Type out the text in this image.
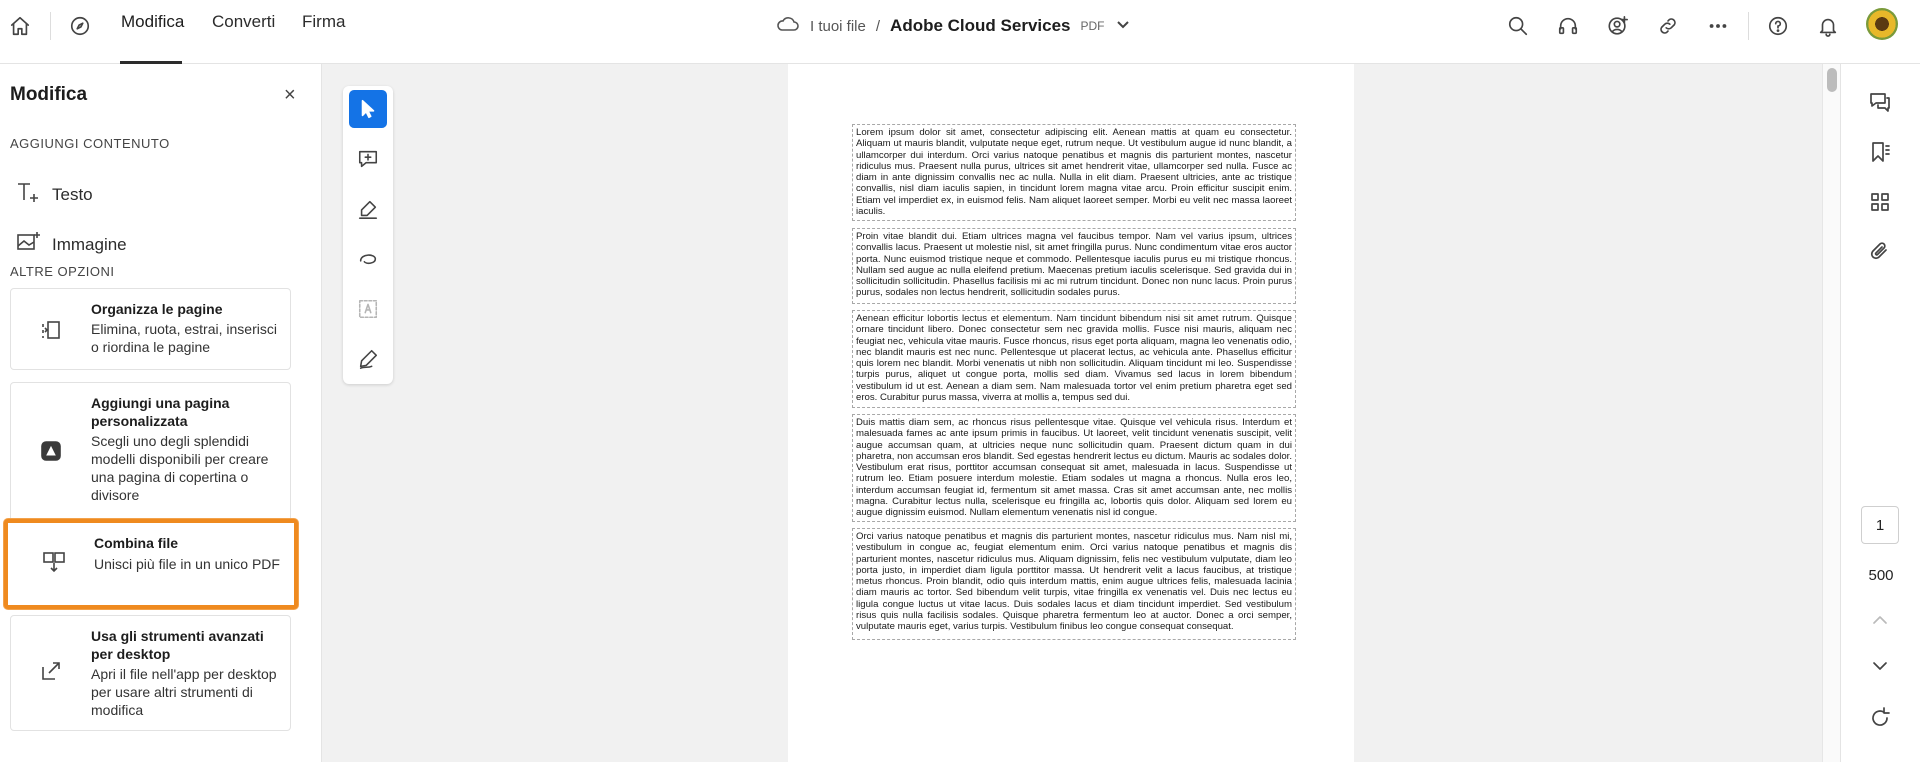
Modifica Converti Firma	I tuoi file / Adobe Cloud Services PDF
Modifica	×
AGGIUNGI CONTENUTO
Testo
Immagine
ALTRE OPZIONI
Organizza le pagine
Elimina, ruota, estrai, inserisci o riordina le pagine
Aggiungi una pagina personalizzata
Scegli uno degli splendidi modelli disponibili per creare una pagina di copertina o divisore
Combina file
Unisci più file in un unico PDF
Usa gli strumenti avanzati per desktop
Apri il file nell'app per desktop per usare altri strumenti di modifica
Lorem ipsum dolor sit amet, consectetur adipiscing elit. Aenean mattis at quam eu consectetur. Aliquam ut mauris blandit, vulputate neque eget, rutrum neque. Ut vestibulum augue id nunc blandit, a ullamcorper dui interdum. Orci varius natoque penatibus et magnis dis parturient montes, nascetur ridiculus mus. Praesent nulla purus, ultrices sit amet hendrerit vitae, ullamcorper sed nulla. Fusce ac diam in ante dignissim convallis nec ac nulla. Nulla in elit diam. Praesent ultricies, ante ac tristique convallis, nisl diam iaculis sapien, in tincidunt lorem magna vitae arcu. Proin efficitur suscipit enim. Etiam vel imperdiet ex, in euismod felis. Nam aliquet laoreet semper. Morbi eu velit nec massa laoreet iaculis.
Proin vitae blandit dui. Etiam ultrices magna vel faucibus tempor. Nam vel varius ipsum, ultrices convallis lacus. Praesent ut molestie nisl, sit amet fringilla purus. Nunc condimentum vitae eros auctor porta. Nunc euismod tristique neque et commodo. Pellentesque iaculis purus eu mi tristique rhoncus. Nullam sed augue ac nulla eleifend pretium. Maecenas pretium iaculis scelerisque. Sed gravida dui in sollicitudin sollicitudin. Phasellus facilisis mi ac mi rutrum tincidunt. Donec non nunc lacus. Proin purus purus, sodales non lectus hendrerit, sollicitudin sodales purus.
Aenean efficitur lobortis lectus et elementum. Nam tincidunt bibendum nisi sit amet rutrum. Quisque ornare tincidunt libero. Donec consectetur sem nec gravida mollis. Fusce nisi mauris, aliquam nec feugiat nec, vehicula vitae mauris. Fusce rhoncus, risus eget porta aliquam, magna leo venenatis odio, nec blandit mauris est nec nunc. Pellentesque ut placerat lectus, ac vehicula ante. Phasellus efficitur quis lorem nec blandit. Morbi venenatis ut nibh non sollicitudin. Aliquam tincidunt mi leo. Suspendisse turpis purus, aliquet ut congue porta, mollis sed diam. Vivamus sed lacus in lorem bibendum vestibulum id ut est. Aenean a diam sem. Nam malesuada tortor vel enim pretium pharetra eget sed eros. Curabitur purus massa, viverra at mollis a, tempus sed dui.
Duis mattis diam sem, ac rhoncus risus pellentesque vitae. Quisque vel vehicula risus. Interdum et malesuada fames ac ante ipsum primis in faucibus. Ut laoreet, velit tincidunt venenatis suscipit, velit augue accumsan quam, at ultricies neque nunc sollicitudin quam. Praesent dictum quam in dui pharetra, non accumsan eros blandit. Sed egestas hendrerit lectus eu dictum. Mauris ac sodales dolor. Vestibulum erat risus, porttitor accumsan consequat sit amet, malesuada in lacus. Suspendisse ut rutrum leo. Etiam posuere interdum molestie. Etiam sodales ut magna a rhoncus. Nulla eros leo, interdum accumsan feugiat id, fermentum sit amet massa. Cras sit amet accumsan ante, nec mollis magna. Curabitur lectus nulla, scelerisque eu fringilla ac, lobortis quis dolor. Aliquam sed lorem eu augue dignissim euismod. Nullam elementum venenatis nisl id congue.
Orci varius natoque penatibus et magnis dis parturient montes, nascetur ridiculus mus. Nam nisl mi, vestibulum in congue ac, feugiat elementum enim. Orci varius natoque penatibus et magnis dis parturient montes, nascetur ridiculus mus. Aliquam dignissim, felis nec vestibulum vulputate, diam leo porta justo, in imperdiet diam ligula porttitor massa. Ut hendrerit velit a lacus faucibus, at tristique metus rhoncus. Proin blandit, odio quis interdum mattis, enim augue ultrices felis, malesuada lacinia diam mauris ac tortor. Sed bibendum velit turpis, vitae fringilla ex venenatis vel. Duis nec lectus eu ligula congue luctus ut vitae lacus. Duis sodales lacus et diam tincidunt imperdiet. Sed vestibulum risus quis nulla facilisis sodales. Quisque pharetra fermentum leo at auctor. Donec a orci semper, vulputate mauris eget, varius turpis. Vestibulum finibus leo congue consequat consequat.
1
500
